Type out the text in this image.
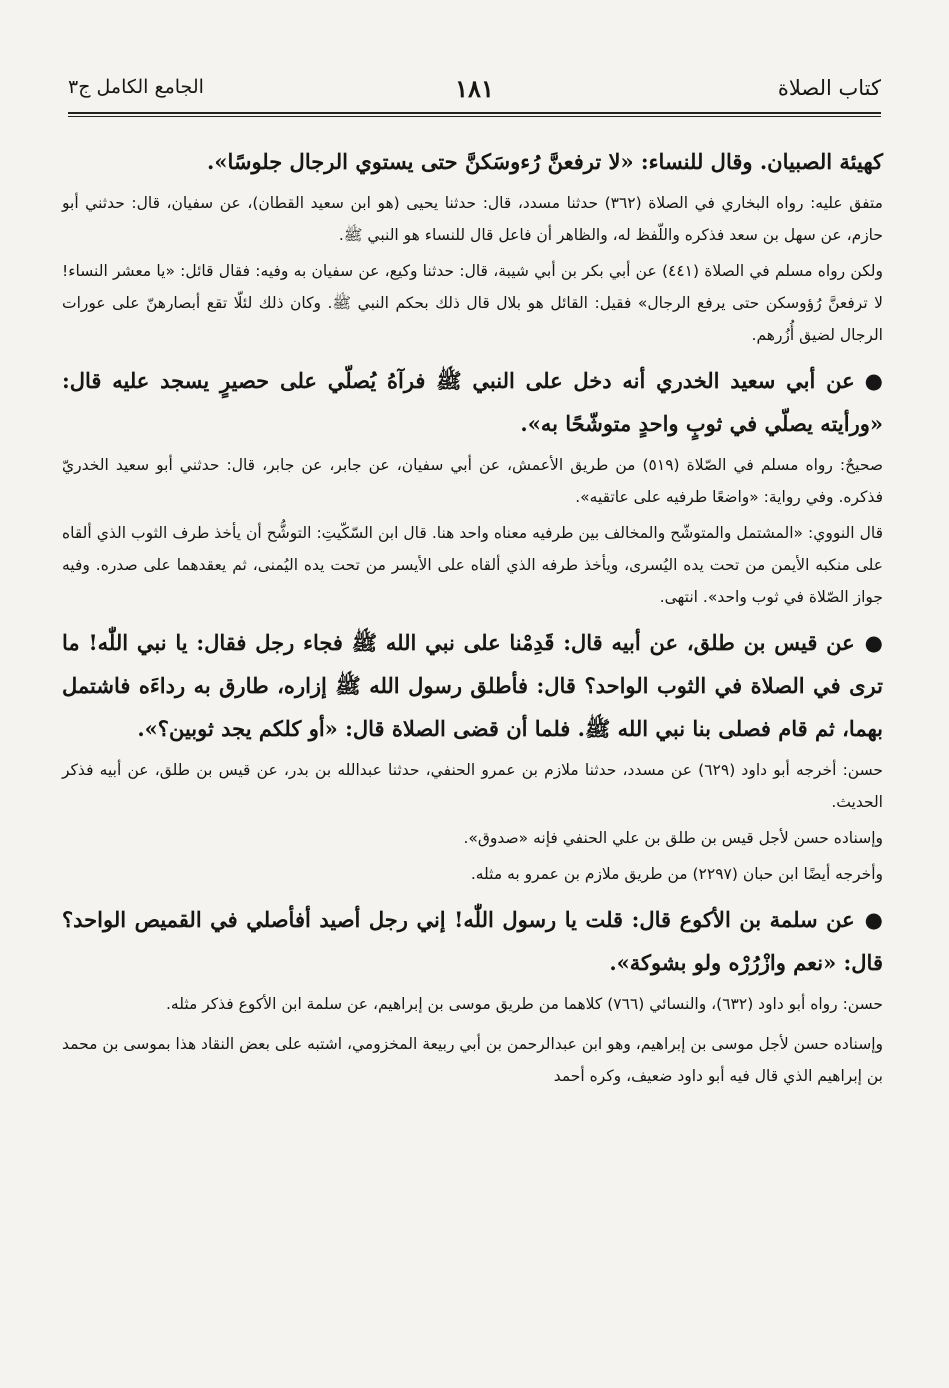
كتاب الصلاة
١٨١
الجامع الكامل ج٣

كهيئة الصبيان. وقال للنساء: «لا ترفعنَّ رُءوسَكنَّ حتى يستوي الرجال جلوسًا».

متفق عليه: رواه البخاري في الصلاة (٣٦٢) حدثنا مسدد، قال: حدثنا يحيى (هو ابن سعيد القطان)، عن سفيان، قال: حدثني أبو حازم، عن سهل بن سعد فذكره واللّفظ له، والظاهر أن فاعل قال للنساء هو النبي ﷺ.

ولكن رواه مسلم في الصلاة (٤٤١) عن أبي بكر بن أبي شيبة، قال: حدثنا وكيع، عن سفيان به وفيه: فقال قائل: «يا معشر النساء! لا ترفعنَّ رُؤوسكن حتى يرفع الرجال» فقيل: القائل هو بلال قال ذلك بحكم النبي ﷺ. وكان ذلك لئلّا تقع أبصارهنّ على عورات الرجال لضيق أُزُرهم.

●عن أبي سعيد الخدري أنه دخل على النبي ﷺ فرآهُ يُصلّي على حصيرٍ يسجد عليه قال: «ورأيته يصلّي في ثوبٍ واحدٍ متوشّحًا به».

صحيحٌ: رواه مسلم في الصّلاة (٥١٩) من طريق الأعمش، عن أبي سفيان، عن جابر، عن جابر، قال: حدثني أبو سعيد الخدريّ فذكره. وفي رواية: «واضعًا طرفيه على عاتقيه».

قال النووي: «المشتمل والمتوشّح والمخالف بين طرفيه معناه واحد هنا. قال ابن السّكّيتِ: التوشُّح أن يأخذ طرف الثوب الذي ألقاه على منكبه الأيمن من تحت يده اليُسرى، ويأخذ طرفه الذي ألقاه على الأيسر من تحت يده اليُمنى، ثم يعقدهما على صدره. وفيه جواز الصّلاة في ثوب واحد». انتهى.

●عن قيس بن طلق، عن أبيه قال: قَدِمْنا على نبي الله ﷺ فجاء رجل فقال: يا نبي اللّٰه! ما ترى في الصلاة في الثوب الواحد؟ قال: فأطلق رسول الله ﷺ إزاره، طارق به رداءَه فاشتمل بهما، ثم قام فصلى بنا نبي الله ﷺ. فلما أن قضى الصلاة قال: «أو كلكم يجد ثوبين؟».

حسن: أخرجه أبو داود (٦٢٩) عن مسدد، حدثنا ملازم بن عمرو الحنفي، حدثنا عبدالله بن بدر، عن قيس بن طلق، عن أبيه فذكر الحديث.

وإسناده حسن لأجل قيس بن طلق بن علي الحنفي فإنه «صدوق».

وأخرجه أيضًا ابن حبان (٢٢٩٧) من طريق ملازم بن عمرو به مثله.

●عن سلمة بن الأكوع قال: قلت يا رسول اللّٰه! إني رجل أصيد أفأصلي في القميص الواحد؟ قال: «نعم وازْرُرْه ولو بشوكة».

حسن: رواه أبو داود (٦٣٢)، والنسائي (٧٦٦) كلاهما من طريق موسى بن إبراهيم، عن سلمة ابن الأكوع فذكر مثله.

وإسناده حسن لأجل موسى بن إبراهيم، وهو ابن عبدالرحمن بن أبي ربيعة المخزومي، اشتبه على بعض النقاد هذا بموسى بن محمد بن إبراهيم الذي قال فيه أبو داود ضعيف، وكره أحمد
